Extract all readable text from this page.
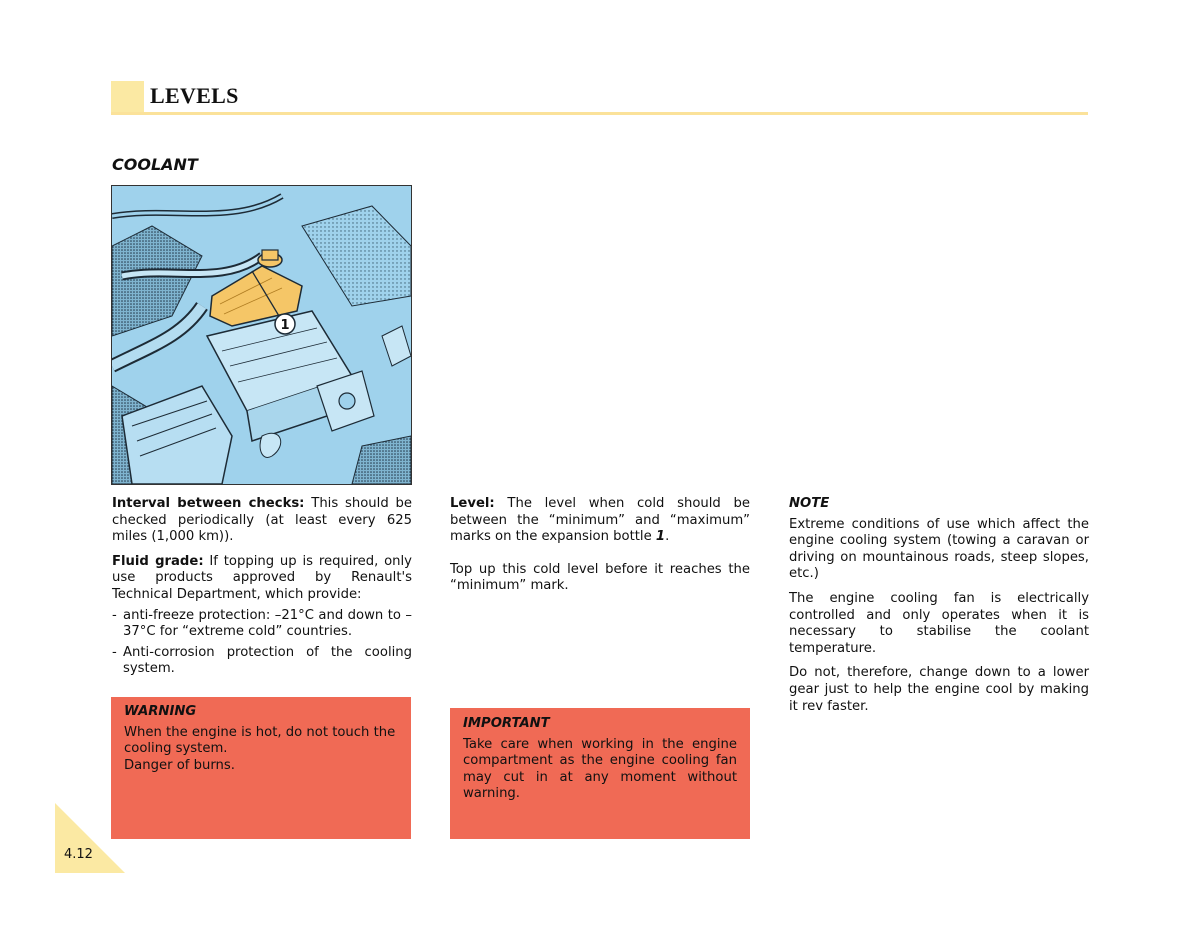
LEVELS
COOLANT
1

Interval between checks: This should be checked periodically (at least every 625 miles (1,000 km)).

Fluid grade: If topping up is required, only use products approved by Renault's Technical Department, which provide:

- anti-freeze protection: –21°C and down to –37°C for “extreme cold” countries.
- Anti-corrosion protection of the cooling system.

WARNING

When the engine is hot, do not touch the cooling system.
Danger of burns.

Level: The level when cold should be between the “minimum” and “maximum” marks on the expansion bottle 1.

Top up this cold level before it reaches the “minimum” mark.

IMPORTANT

Take care when working in the engine compartment as the engine cooling fan may cut in at any moment without warning.

NOTE

Extreme conditions of use which affect the engine cooling system (towing a caravan or driving on mountainous roads, steep slopes, etc.)

The engine cooling fan is electrically controlled and only operates when it is necessary to stabilise the coolant temperature.

Do not, therefore, change down to a lower gear just to help the engine cool by making it rev faster.

4.12
